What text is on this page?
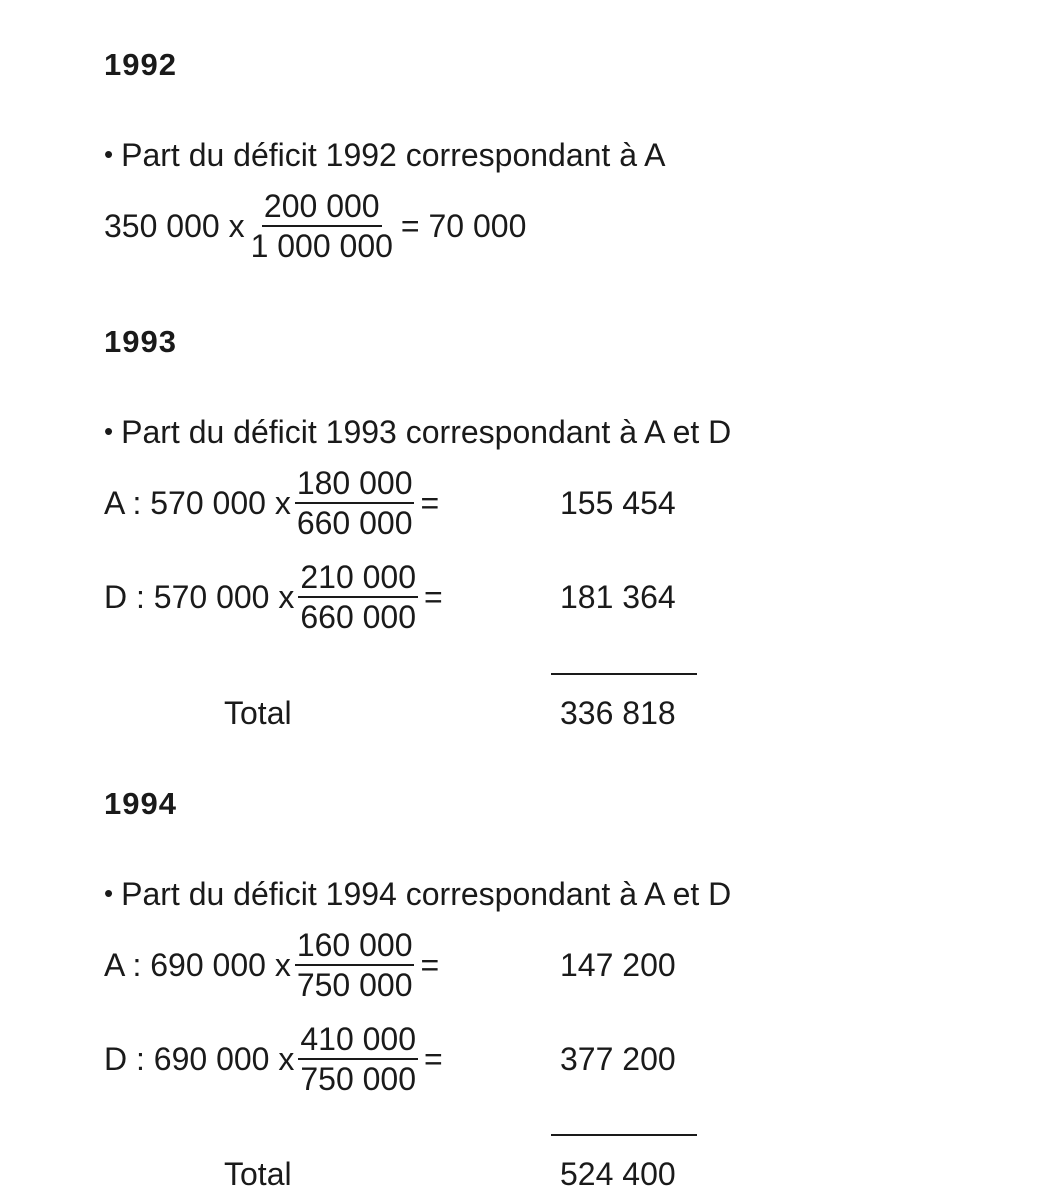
1992
• Part du déficit 1992 correspondant à A
350 000 x $\frac{200 000}{1 000 000} = 70$ 000
1993
• Part du déficit 1993 correspondant à A et D
A : 570 000 x $\frac{180 000}{660 000}$ =	155 454
D : 570 000 x $\frac{210 000}{660 000}$ =	181 364
Total	336 818
1994
• Part du déficit 1994 correspondant à A et D
A : 690 000 x $\frac{160 000}{750 000}$ =	147 200
D : 690 000 x $\frac{410 000}{750 000}$ =	377 200
Total	524 400
